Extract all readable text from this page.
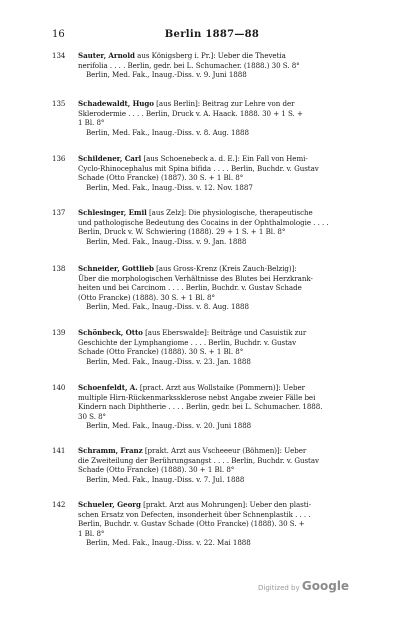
16	Berlin 1887—88
134	Sauter, Arnold aus Königsberg i. Pr.]: Ueber die Thevetia
nerifolia . . . . Berlin, gedr. bei L. Schumacher. (1888.) 30 S. 8°
Berlin, Med. Fak., Inaug.-Diss. v. 9. Juni 1888
135	Schadewaldt, Hugo [aus Berlin]: Beitrag zur Lehre von der
Sklerodermie . . . . Berlin, Druck v. A. Haack. 1888. 30 + 1 S. +
1 Bl. 8°
Berlin, Med. Fak., Inaug.-Diss. v. 8. Aug. 1888
136	Schildener, Carl [aus Schoenebeck a. d. E.]: Ein Fall von Hemi-
Cyclo-Rhinocephalus mit Spina bifida . . . . Berlin, Buchdr. v. Gustav
Schade (Otto Francke) (1887). 30 S. + 1 Bl. 8°
Berlin, Med. Fak., Inaug.-Diss. v. 12. Nov. 1887
137	Schlesinger, Emil [aus Zelz]: Die physiologische, therapeutische
und pathologische Bedeutung des Cocains in der Ophthalmologie . . . .
Berlin, Druck v. W. Schwiering (1888). 29 + 1 S. + 1 Bl. 8°
Berlin, Med. Fak., Inaug.-Diss. v. 9. Jan. 1888
138	Schneider, Gottlieb [aus Gross-Krenz (Kreis Zauch-Belzig)]:
Über die morphologischen Verhältnisse des Blutes bei Herzkrank-
heiten und bei Carcinom . . . . Berlin, Buchdr. v. Gustav Schade
(Otto Francke) (1888). 30 S. + 1 Bl. 8°
Berlin, Med. Fak., Inaug.-Diss. v. 8. Aug. 1888
139	Schönbeck, Otto [aus Eberswalde]: Beiträge und Casuistik zur
Geschichte der Lymphangiome . . . . Berlin, Buchdr. v. Gustav
Schade (Otto Francke) (1888). 30 S. + 1 Bl. 8°
Berlin, Med. Fak., Inaug.-Diss. v. 23. Jan. 1888
140	Schoenfeldt, A. [pract. Arzt aus Wollstaike (Pommern)]: Ueber
multiple Hirn-Rückenmarkssklerose nebst Angabe zweier Fälle bei
Kindern nach Diphtherie . . . . Berlin, gedr. bei L. Schumacher. 1888.
30 S. 8°
Berlin, Med. Fak., Inaug.-Diss. v. 20. Juni 1888
141	Schramm, Franz [prakt. Arzt aus Vscheeeur (Böhmen)]: Ueber
die Zweiteilung der Berührungsangst . . . . Berlin, Buchdr. v. Gustav
Schade (Otto Francke) (1888). 30 + 1 Bl. 8°
Berlin, Med. Fak., Inaug.-Diss. v. 7. Jul. 1888
142	Schueler, Georg [prakt. Arzt aus Mohrungen]: Ueber den plasti-
schen Ersatz von Defecten, insonderheit über Schnenplastik . . . .
Berlin, Buchdr. v. Gustav Schade (Otto Francke) (1888). 30 S. +
1 Bl. 8°
Berlin, Med. Fak., Inaug.-Diss. v. 22. Mai 1888
Digitized by Google
